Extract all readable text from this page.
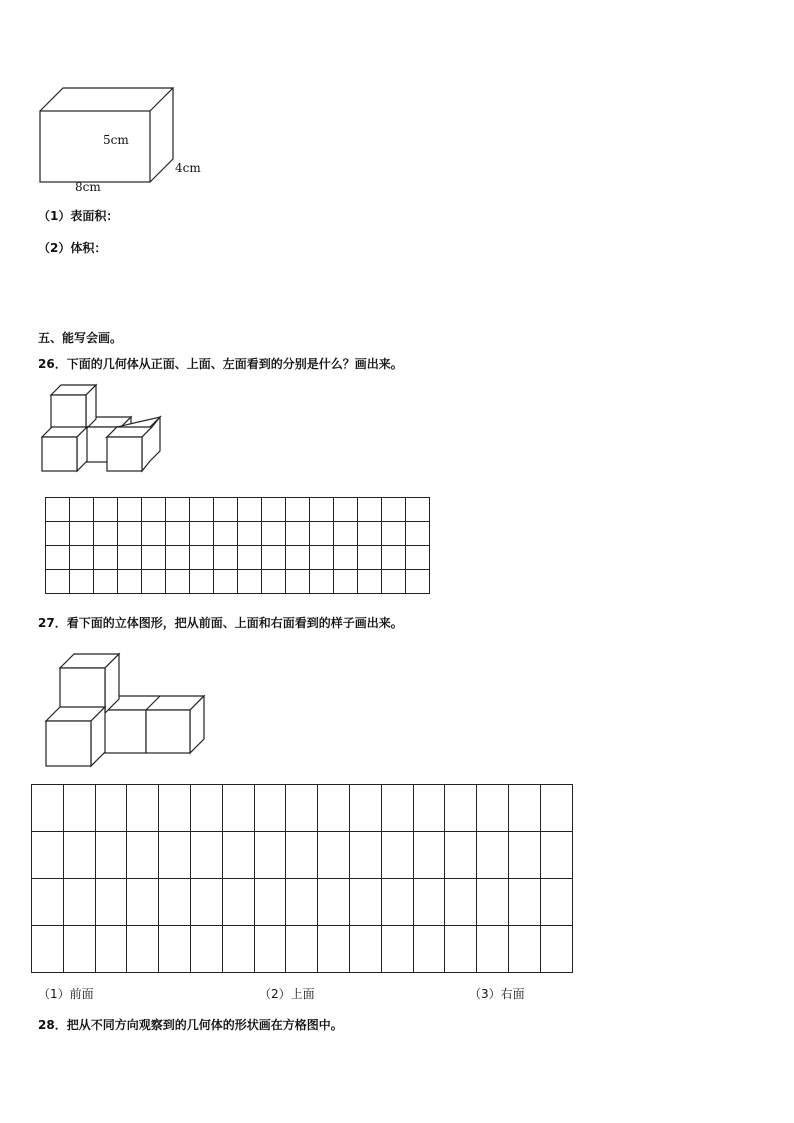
5cm
4cm
8cm
（1）表面积：
（2）体积：
五、能写会画。
26．下面的几何体从正面、上面、左面看到的分别是什么？画出来。

27．看下面的立体图形，把从前面、上面和右面看到的样子画出来。

（1）前面	（2）上面	（3）右面
28．把从不同方向观察到的几何体的形状画在方格图中。
